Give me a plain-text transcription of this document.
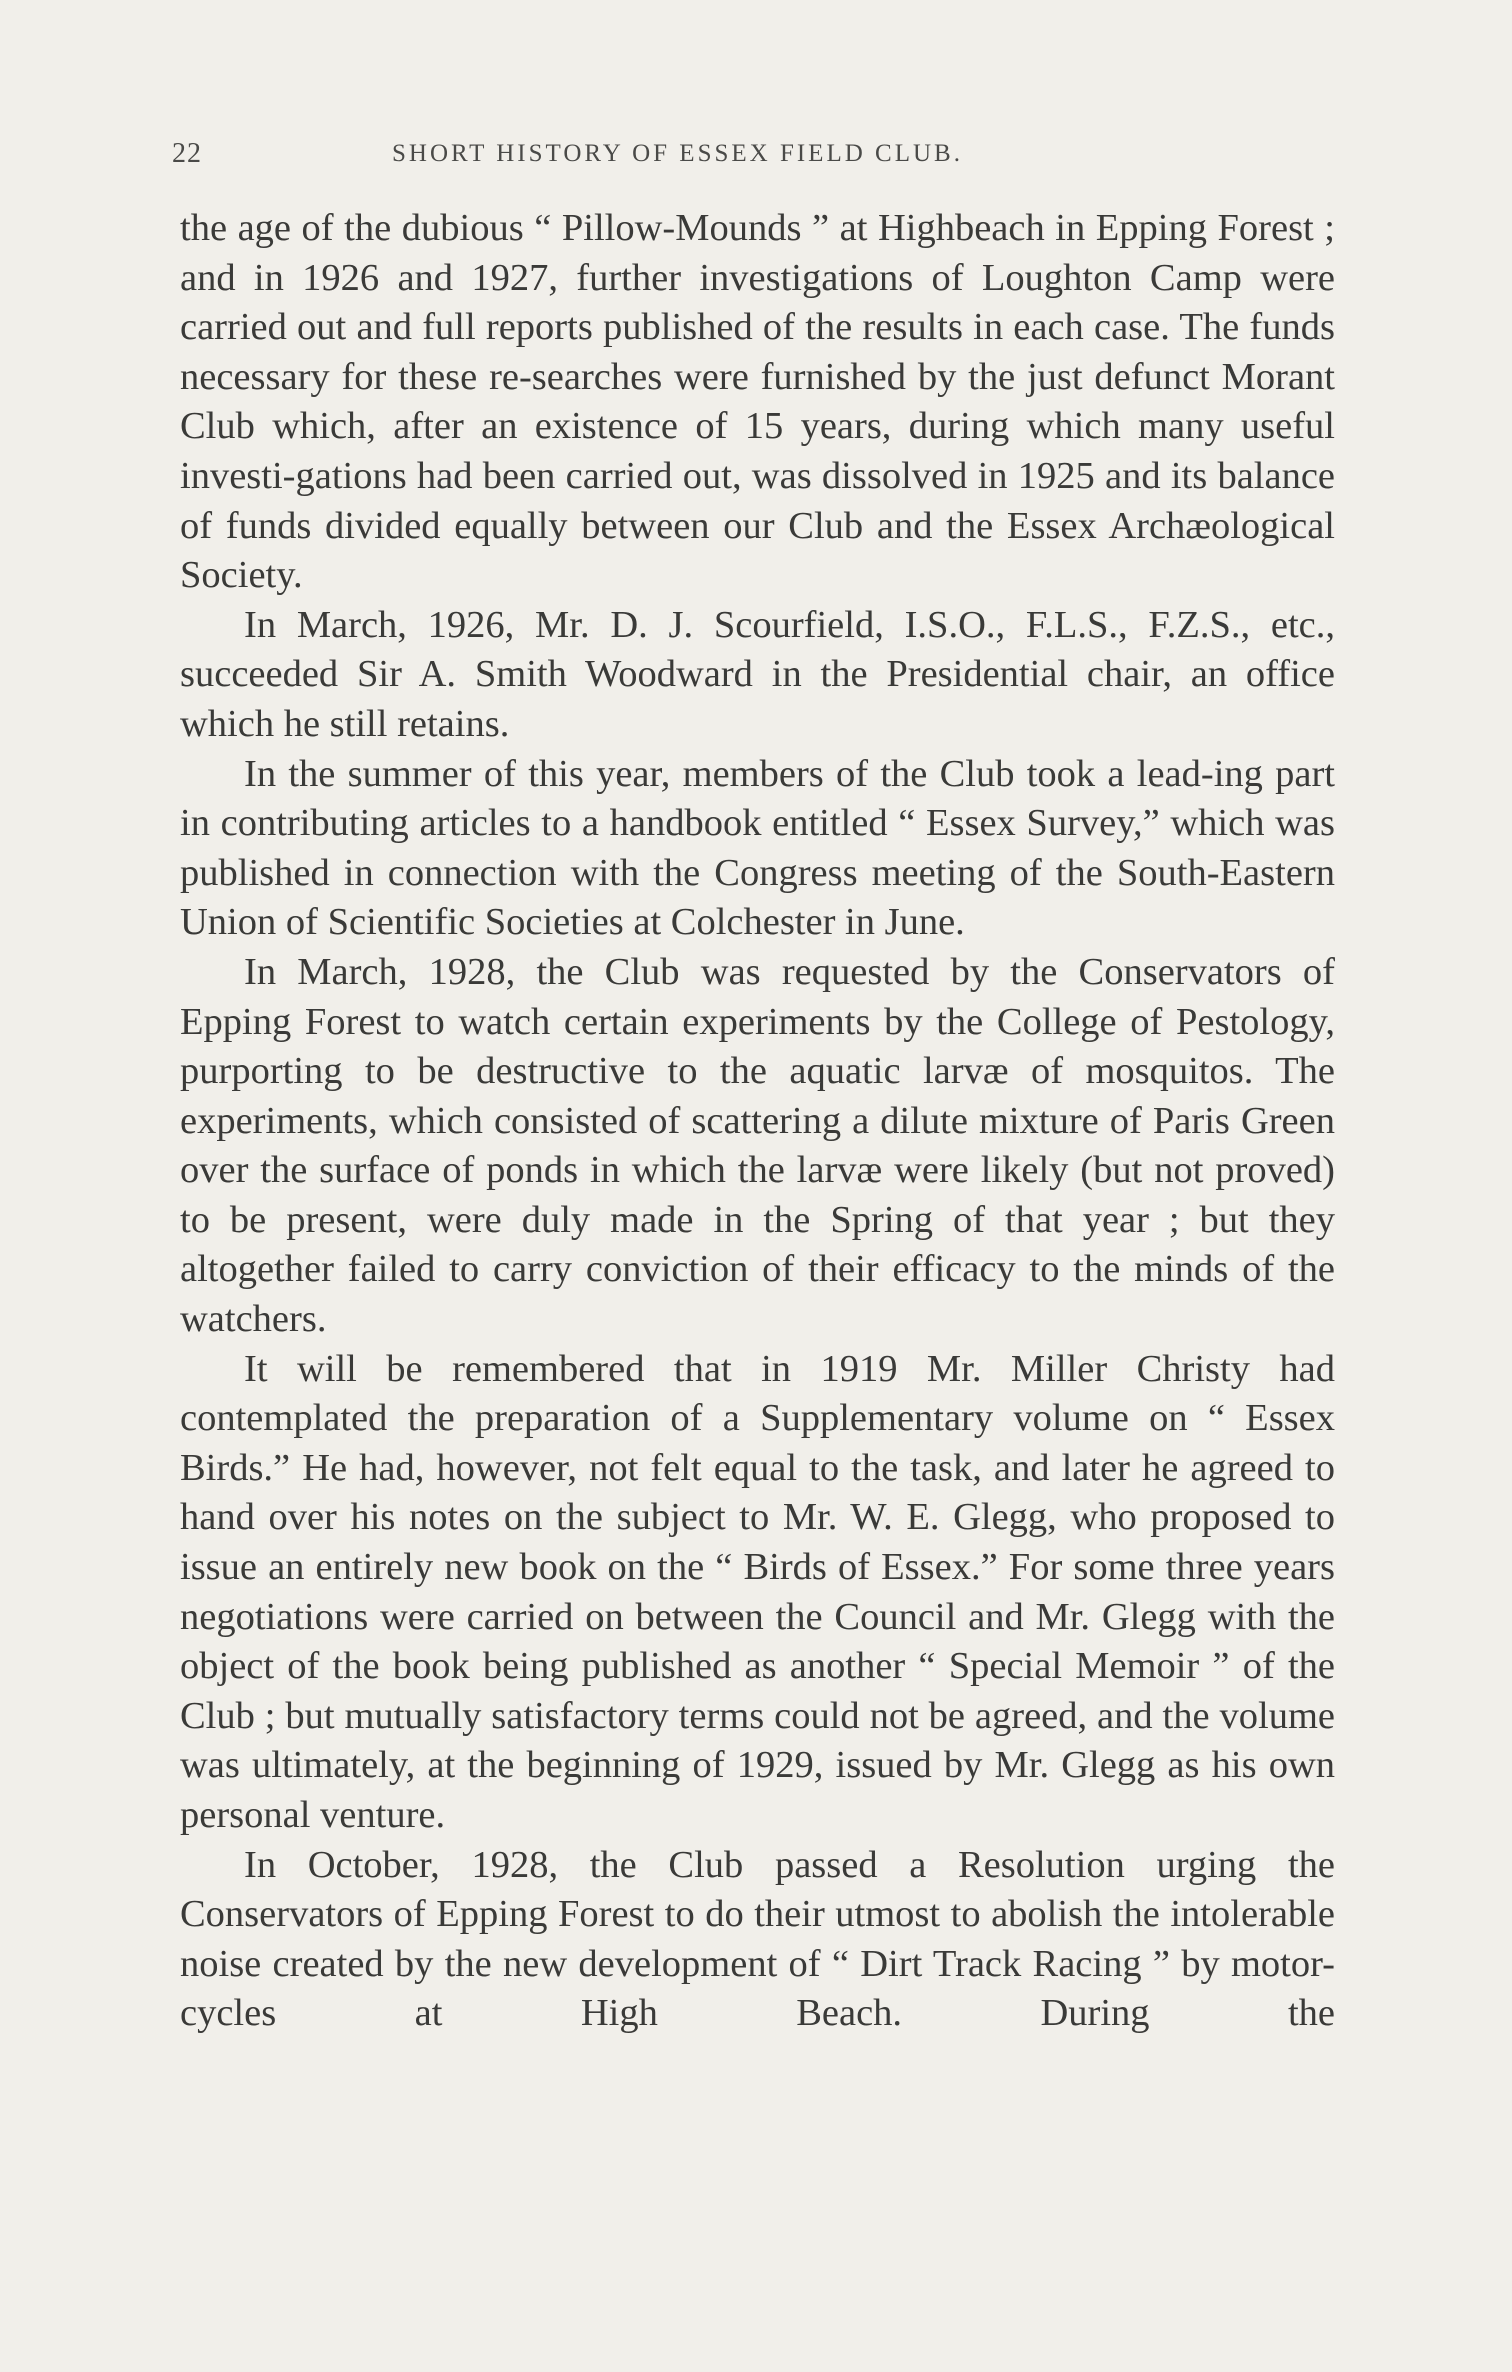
22	SHORT HISTORY OF ESSEX FIELD CLUB.

the age of the dubious “ Pillow-Mounds ” at Highbeach in Epping Forest ; and in 1926 and 1927, further investigations of Loughton Camp were carried out and full reports published of the results in each case. The funds necessary for these re-searches were furnished by the just defunct Morant Club which, after an existence of 15 years, during which many useful investi-gations had been carried out, was dissolved in 1925 and its balance of funds divided equally between our Club and the Essex Archæological Society.

In March, 1926, Mr. D. J. Scourfield, I.S.O., F.L.S., F.Z.S., etc., succeeded Sir A. Smith Woodward in the Presidential chair, an office which he still retains.

In the summer of this year, members of the Club took a lead-ing part in contributing articles to a handbook entitled “ Essex Survey,” which was published in connection with the Congress meeting of the South-Eastern Union of Scientific Societies at Colchester in June.

In March, 1928, the Club was requested by the Conservators of Epping Forest to watch certain experiments by the College of Pestology, purporting to be destructive to the aquatic larvæ of mosquitos. The experiments, which consisted of scattering a dilute mixture of Paris Green over the surface of ponds in which the larvæ were likely (but not proved) to be present, were duly made in the Spring of that year ; but they altogether failed to carry conviction of their efficacy to the minds of the watchers.

It will be remembered that in 1919 Mr. Miller Christy had contemplated the preparation of a Supplementary volume on “ Essex Birds.” He had, however, not felt equal to the task, and later he agreed to hand over his notes on the subject to Mr. W. E. Glegg, who proposed to issue an entirely new book on the “ Birds of Essex.” For some three years negotiations were carried on between the Council and Mr. Glegg with the object of the book being published as another “ Special Memoir ” of the Club ; but mutually satisfactory terms could not be agreed, and the volume was ultimately, at the beginning of 1929, issued by Mr. Glegg as his own personal venture.

In October, 1928, the Club passed a Resolution urging the Conservators of Epping Forest to do their utmost to abolish the intolerable noise created by the new development of “ Dirt Track Racing ” by motor-cycles at High Beach. During the
